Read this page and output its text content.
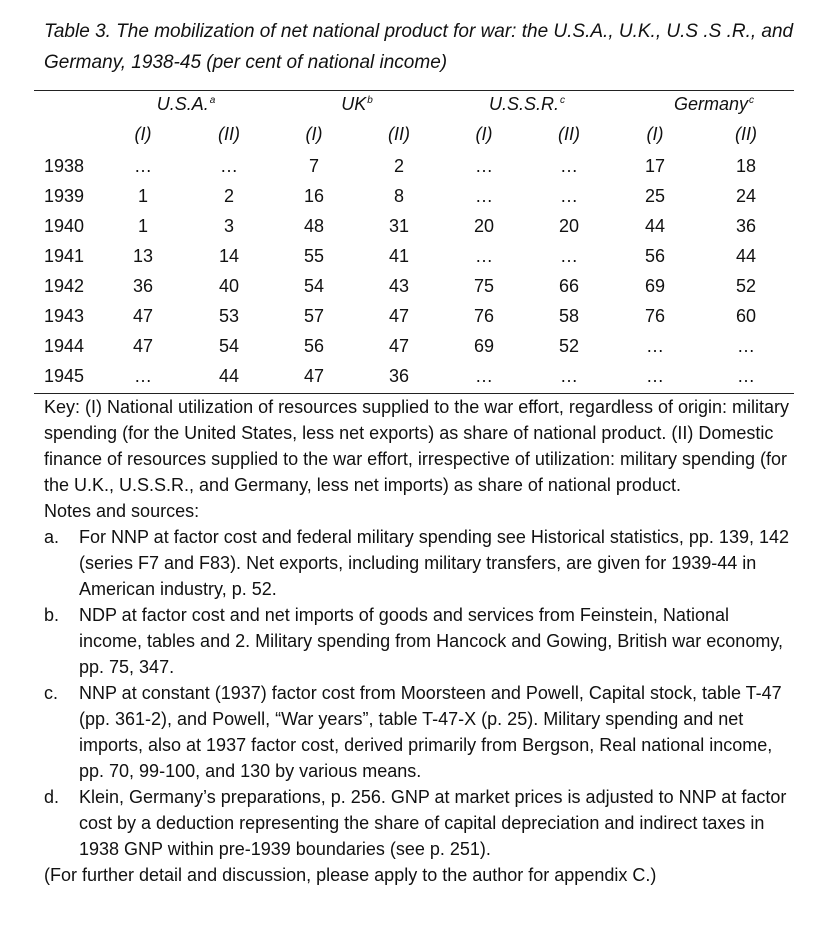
Table 3. The mobilization of net national product for war: the U.S.A., U.K., U.S .S .R., and Germany, 1938-45 (per cent of national income)
	U.S.A.$^a$		$UK^b$		U.S.S.R.$^c$		Germany$^c$
	(I)	(II)	(I)	(II)	(I)	(II)	(I)	(II)
1938	…	…	7	2	…	…	17	18
1939	1	2	16	8	…	…	25	24
1940	1	3	48	31	20	20	44	36
1941	13	14	55	41	…	…	56	44
1942	36	40	54	43	75	66	69	52
1943	47	53	57	47	76	58	76	60
1944	47	54	56	47	69	52	…	…
1945	…	44	47	36	…	…	…	…

Key: (I) National utilization of resources supplied to the war effort, regardless of origin: military spending (for the United States, less net exports) as share of national product. (II) Domestic finance of resources supplied to the war effort, irrespective of utilization: military spending (for the U.K., U.S.S.R., and Germany, less net imports) as share of national product.

Notes and sources:

a.	For NNP at factor cost and federal military spending see Historical statistics, pp. 139, 142 (series F7 and F83). Net exports, including military transfers, are given for 1939-44 in American industry, p. 52.
b.	NDP at factor cost and net imports of goods and services from Feinstein, National income, tables and 2. Military spending from Hancock and Gowing, British war economy, pp. 75, 347.
c.	NNP at constant (1937) factor cost from Moorsteen and Powell, Capital stock, table T-47 (pp. 361-2), and Powell, “War years”, table T-47-X (p. 25). Military spending and net imports, also at 1937 factor cost, derived primarily from Bergson, Real national income, pp. 70, 99-100, and 130 by various means.
d.	Klein, Germany’s preparations, p. 256. GNP at market prices is adjusted to NNP at factor cost by a deduction representing the share of capital depreciation and indirect taxes in 1938 GNP within pre-1939 boundaries (see p. 251).

(For further detail and discussion, please apply to the author for appendix C.)
